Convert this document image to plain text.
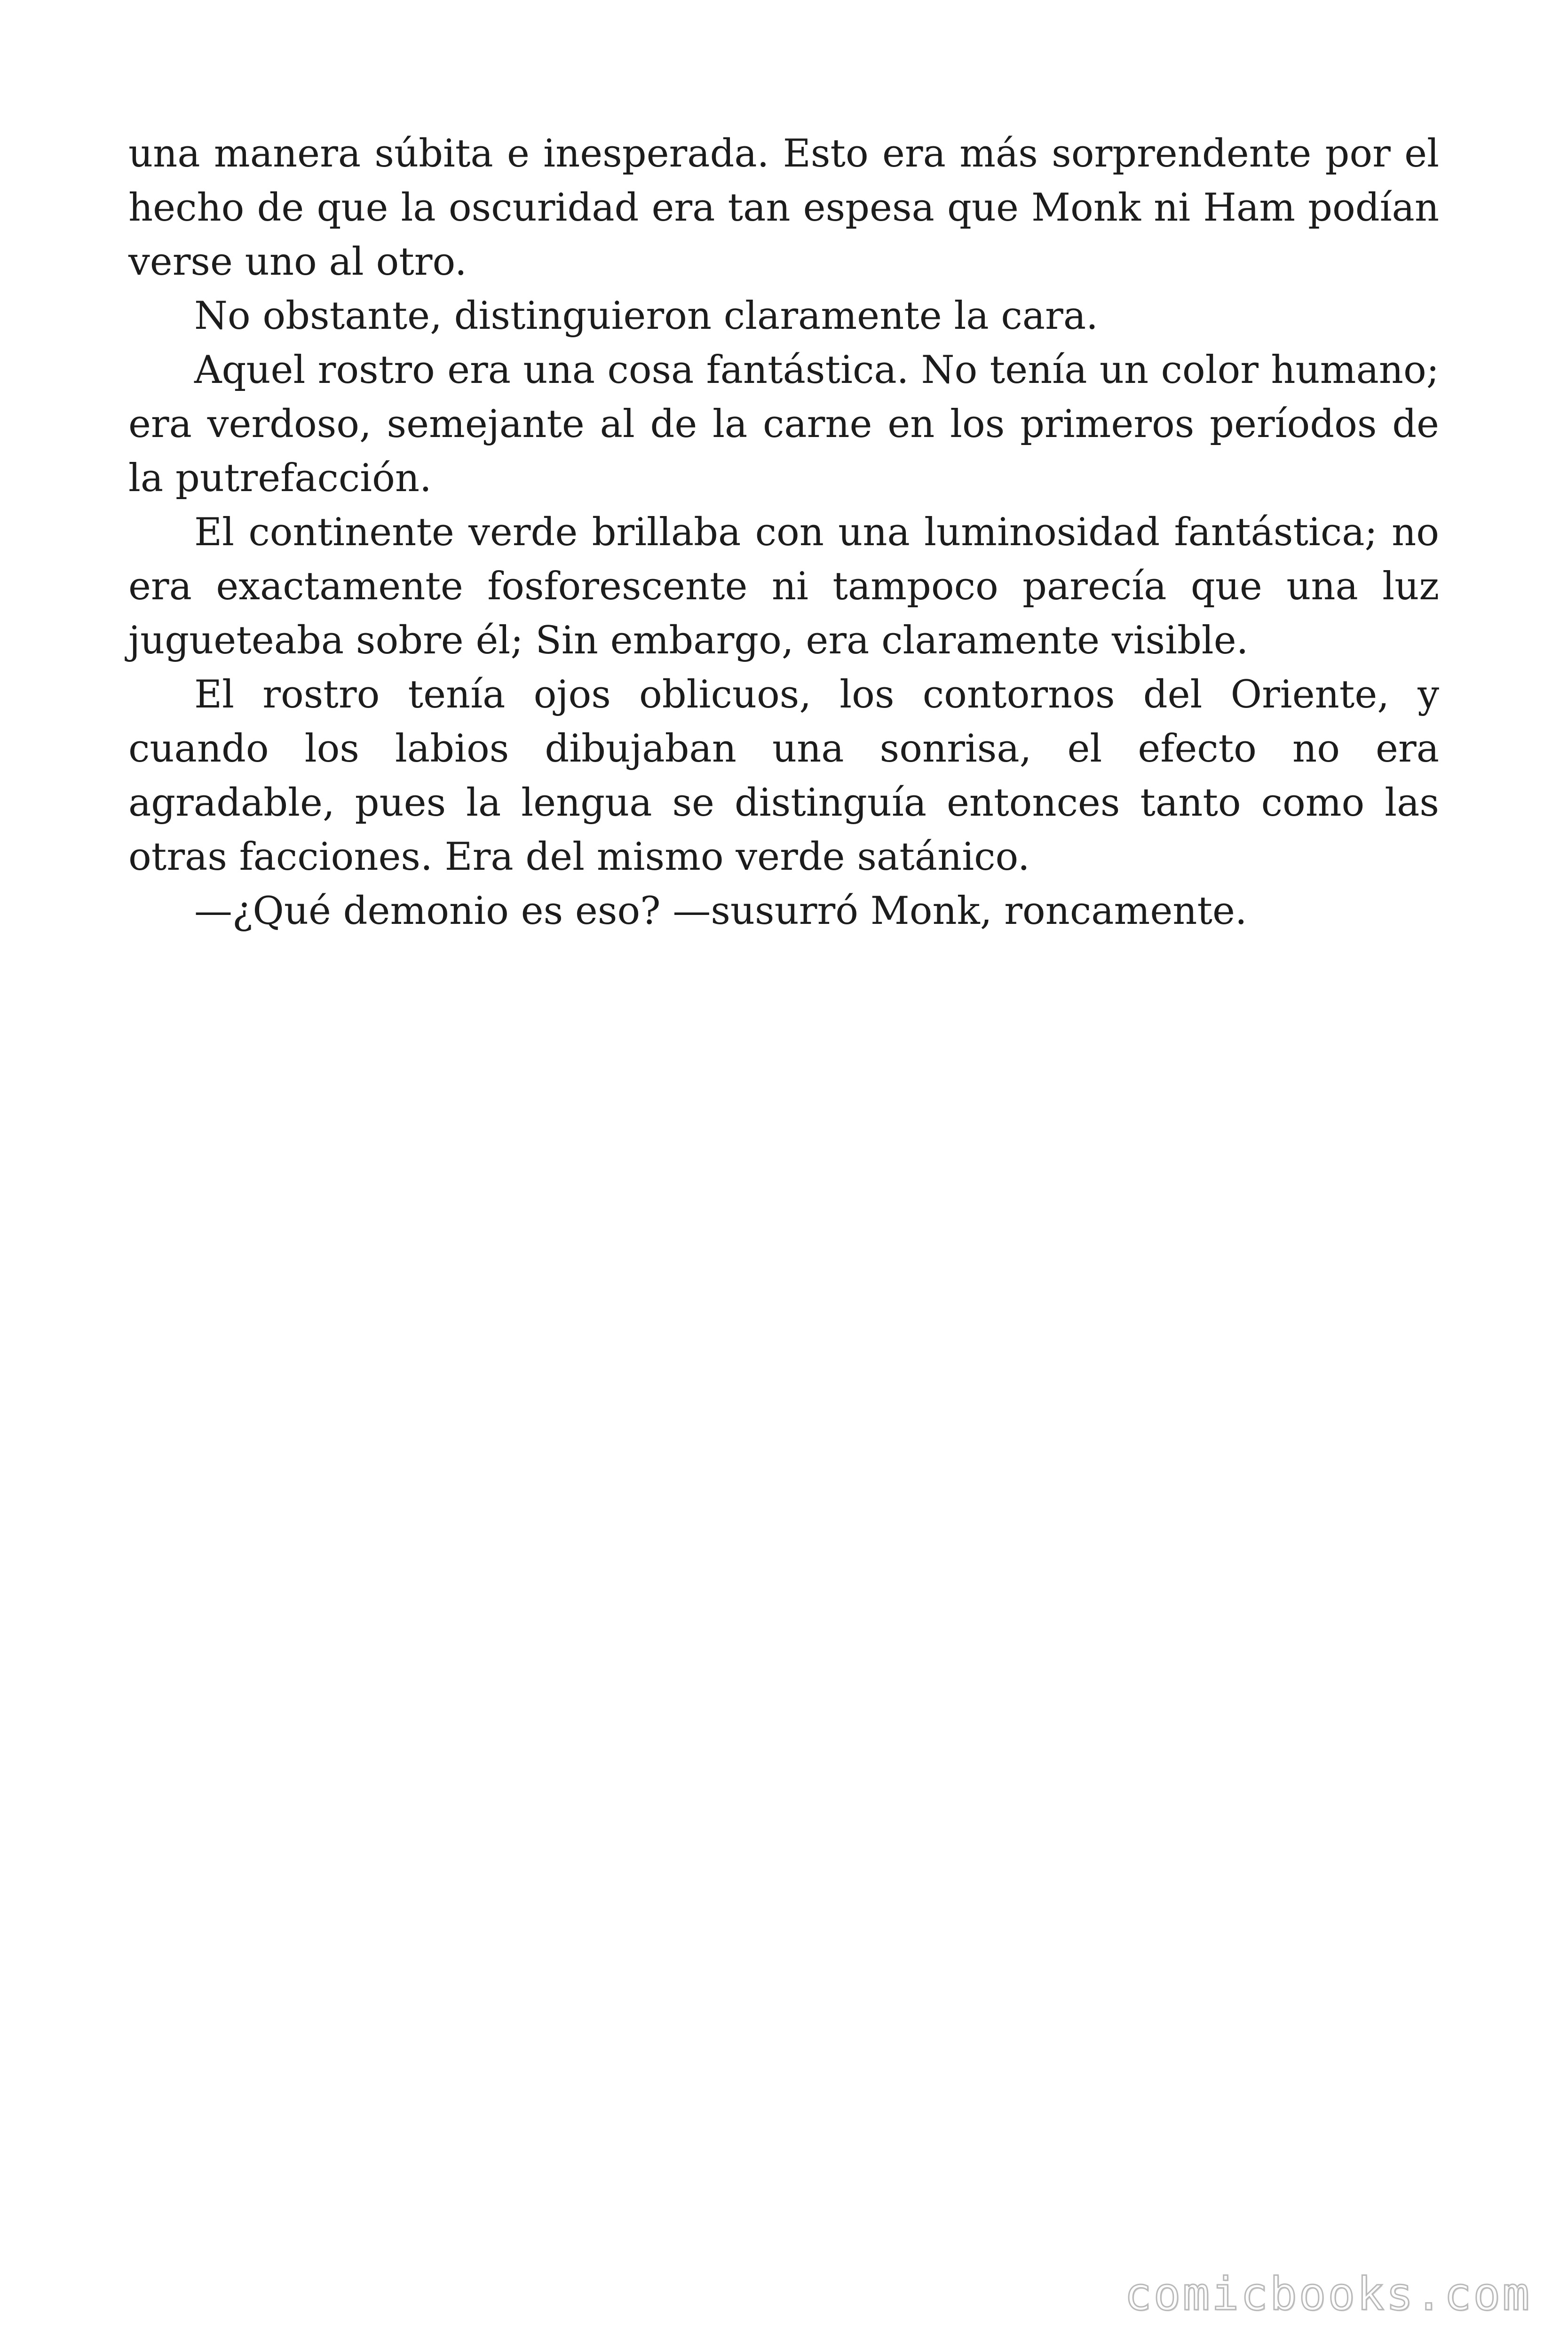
una manera súbita e inesperada. Esto era más sorprendente por el hecho de que la oscuridad era tan espesa que Monk ni Ham podían verse uno al otro.

No obstante, distinguieron claramente la cara.

Aquel rostro era una cosa fantástica. No tenía un color humano; era verdoso, semejante al de la carne en los primeros períodos de la putrefacción.

El continente verde brillaba con una luminosidad fantástica; no era exactamente fosforescente ni tampoco parecía que una luz jugueteaba sobre él; Sin embargo, era claramente visible.

El rostro tenía ojos oblicuos, los contornos del Oriente, y cuando los labios dibujaban una sonrisa, el efecto no era agradable, pues la lengua se distinguía entonces tanto como las otras facciones. Era del mismo verde satánico.

—¿Qué demonio es eso? —susurró Monk, roncamente.

comicbooks.com
